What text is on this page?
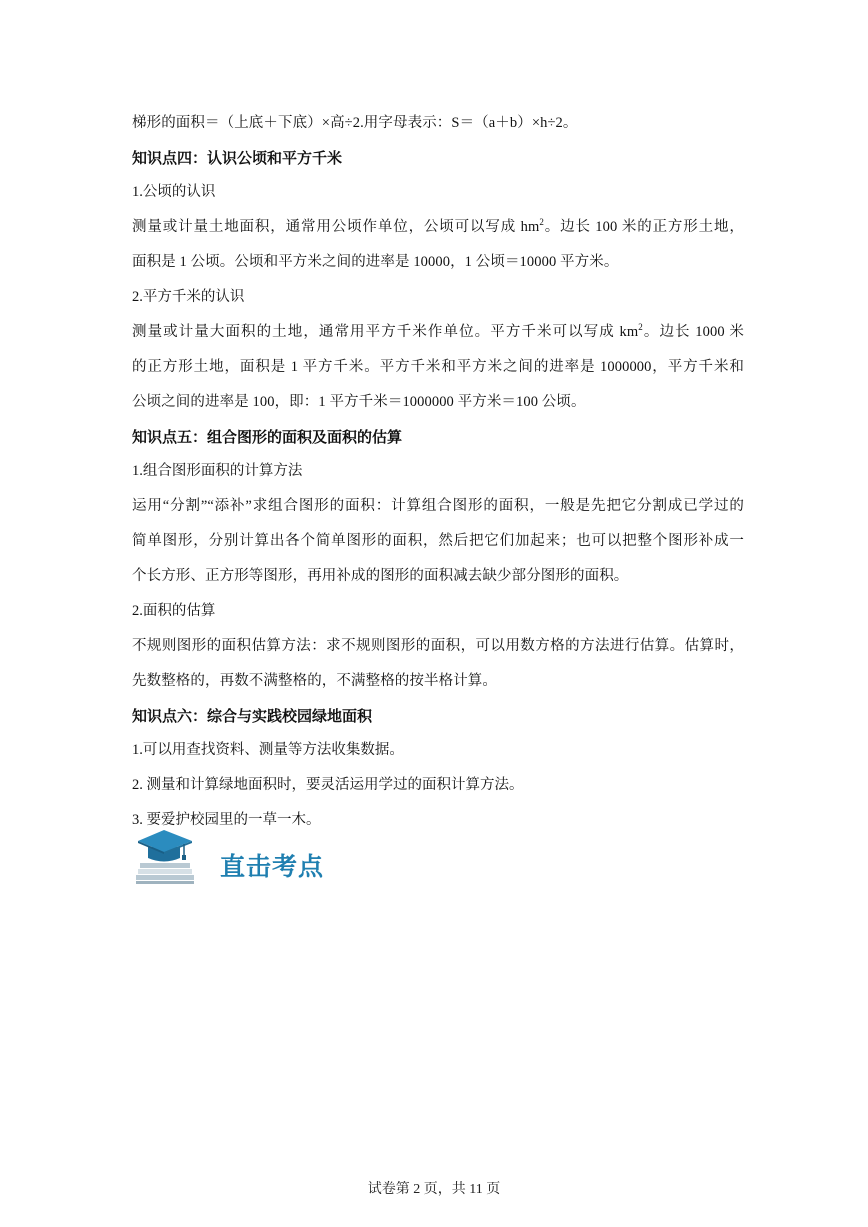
梯形的面积＝（上底＋下底）×高÷2.用字母表示：S＝（a＋b）×h÷2。
知识点四：认识公顷和平方千米
1.公顷的认识
测量或计量土地面积，通常用公顷作单位，公顷可以写成 $hm^2$。边长 100 米的正方形土地，
面积是 1 公顷。公顷和平方米之间的进率是 10000，1 公顷＝10000 平方米。
2.平方千米的认识
测量或计量大面积的土地，通常用平方千米作单位。平方千米可以写成 $km^2$。边长 1000 米
的正方形土地，面积是 1 平方千米。平方千米和平方米之间的进率是 1000000，平方千米和
公顷之间的进率是 100，即：1 平方千米＝1000000 平方米＝100 公顷。
知识点五：组合图形的面积及面积的估算
1.组合图形面积的计算方法
运用“分割”“添补”求组合图形的面积：计算组合图形的面积，一般是先把它分割成已学过的
简单图形，分别计算出各个简单图形的面积，然后把它们加起来；也可以把整个图形补成一
个长方形、正方形等图形，再用补成的图形的面积减去缺少部分图形的面积。
2.面积的估算
不规则图形的面积估算方法：求不规则图形的面积，可以用数方格的方法进行估算。估算时，
先数整格的，再数不满整格的，不满整格的按半格计算。
知识点六：综合与实践校园绿地面积
1.可以用查找资料、测量等方法收集数据。
2. 测量和计算绿地面积时，要灵活运用学过的面积计算方法。
3. 要爱护校园里的一草一木。
直击考点
试卷第 2 页，共 11 页
